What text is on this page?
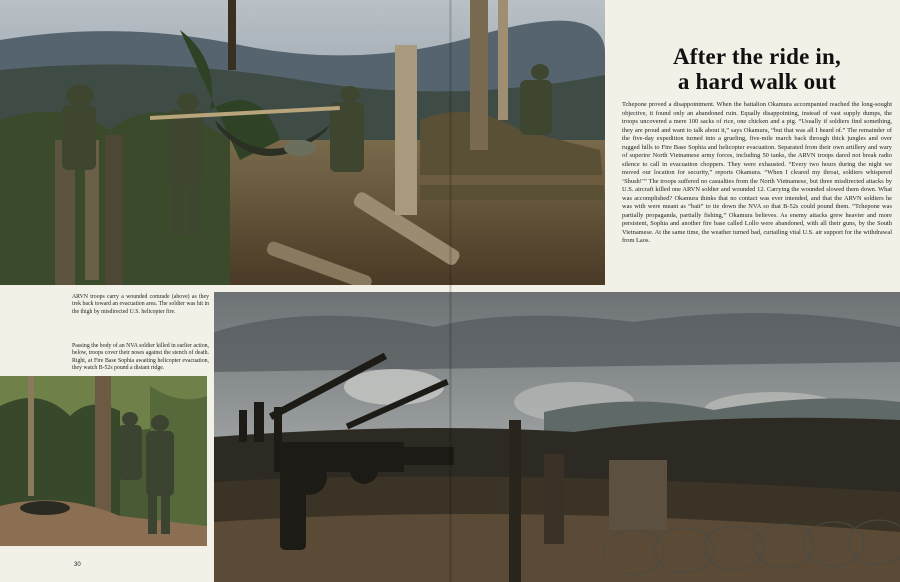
After the ride in,
a hard walk out

Tchepone proved a disappointment. When the battalion Okamura accompanied reached the long-sought objective, it found only an abandoned ruin. Equally disappointing, instead of vast supply dumps, the troops uncovered a mere 100 sacks of rice, one chicken and a pig. “Usually if soldiers find something, they are proud and want to talk about it,” says Okamura, “but that was all I heard of.” The remainder of the five-day expedition turned into a grueling, five-mile march back through thick jungles and over rugged hills to Fire Base Sophia and helicopter evacuation. Separated from their own artillery and wary of superior North Vietnamese army forces, including 50 tanks, the ARVN troops dared not break radio silence to call in evacuation choppers. They were exhausted. “Every two hours during the night we moved our location for security,” reports Okamura. “When I cleared my throat, soldiers whispered ‘Shush!’” The troops suffered no casualties from the North Vietnamese, but three misdirected attacks by U.S. aircraft killed one ARVN soldier and wounded 12. Carrying the wounded slowed them down. What was accomplished? Okamura thinks that no contact was ever intended, and that the ARVN soldiers he was with were meant as “bait” to tie down the NVA so that B-52s could pound them. “Tchepone was partially propaganda, partially fishing,” Okamura believes. As enemy attacks grew heavier and more persistent, Sophia and another fire base called Lollo were abandoned, with all their guns, by the South Vietnamese. At the same time, the weather turned bad, curtailing vital U.S. air support for the withdrawal from Laos.

ARVN troops carry a wounded comrade (above) as they trek back toward an evacuation area. The soldier was hit in the thigh by misdirected U.S. helicopter fire.

Passing the body of an NVA soldier killed in earlier action, below, troops cover their noses against the stench of death. Right, at Fire Base Sophia awaiting helicopter evacuation, they watch B-52s pound a distant ridge.

30
